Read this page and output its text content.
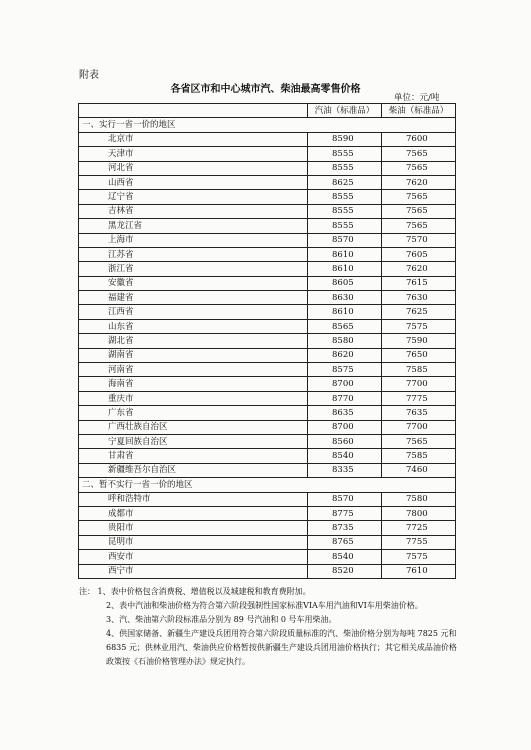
附表
各省区市和中心城市汽、柴油最高零售价格
单位：元/吨
	汽油（标准品）	柴油（标准品）
一、实行一省一价的地区		
北京市	8590	7600
天津市	8555	7565
河北省	8555	7565
山西省	8625	7620
辽宁省	8555	7565
吉林省	8555	7565
黑龙江省	8555	7565
上海市	8570	7570
江苏省	8610	7605
浙江省	8610	7620
安徽省	8605	7615
福建省	8630	7630
江西省	8610	7625
山东省	8565	7575
湖北省	8580	7590
湖南省	8620	7650
河南省	8575	7585
海南省	8700	7700
重庆市	8770	7775
广东省	8635	7635
广西壮族自治区	8700	7700
宁夏回族自治区	8560	7565
甘肃省	8540	7585
新疆维吾尔自治区	8335	7460
二、暂不实行一省一价的地区		
呼和浩特市	8570	7580
成都市	8775	7800
贵阳市	8735	7725
昆明市	8765	7755
西安市	8540	7575
西宁市	8520	7610

注： 1、表中价格包含消费税、增值税以及城建税和教育费附加。

2、表中汽油和柴油价格为符合第六阶段强制性国家标准VIA车用汽油和VI车用柴油价格。

3、汽、柴油第六阶段标准品分别为 89 号汽油和 0 号车用柴油。

4、供国家储备、新疆生产建设兵团用符合第六阶段质量标准的汽、柴油价格分别为每吨 7825 元和 6835 元；供林业用汽、柴油供应价格暂按供新疆生产建设兵团用油价格执行；其它相关成品油价格政策按《石油价格管理办法》规定执行。
